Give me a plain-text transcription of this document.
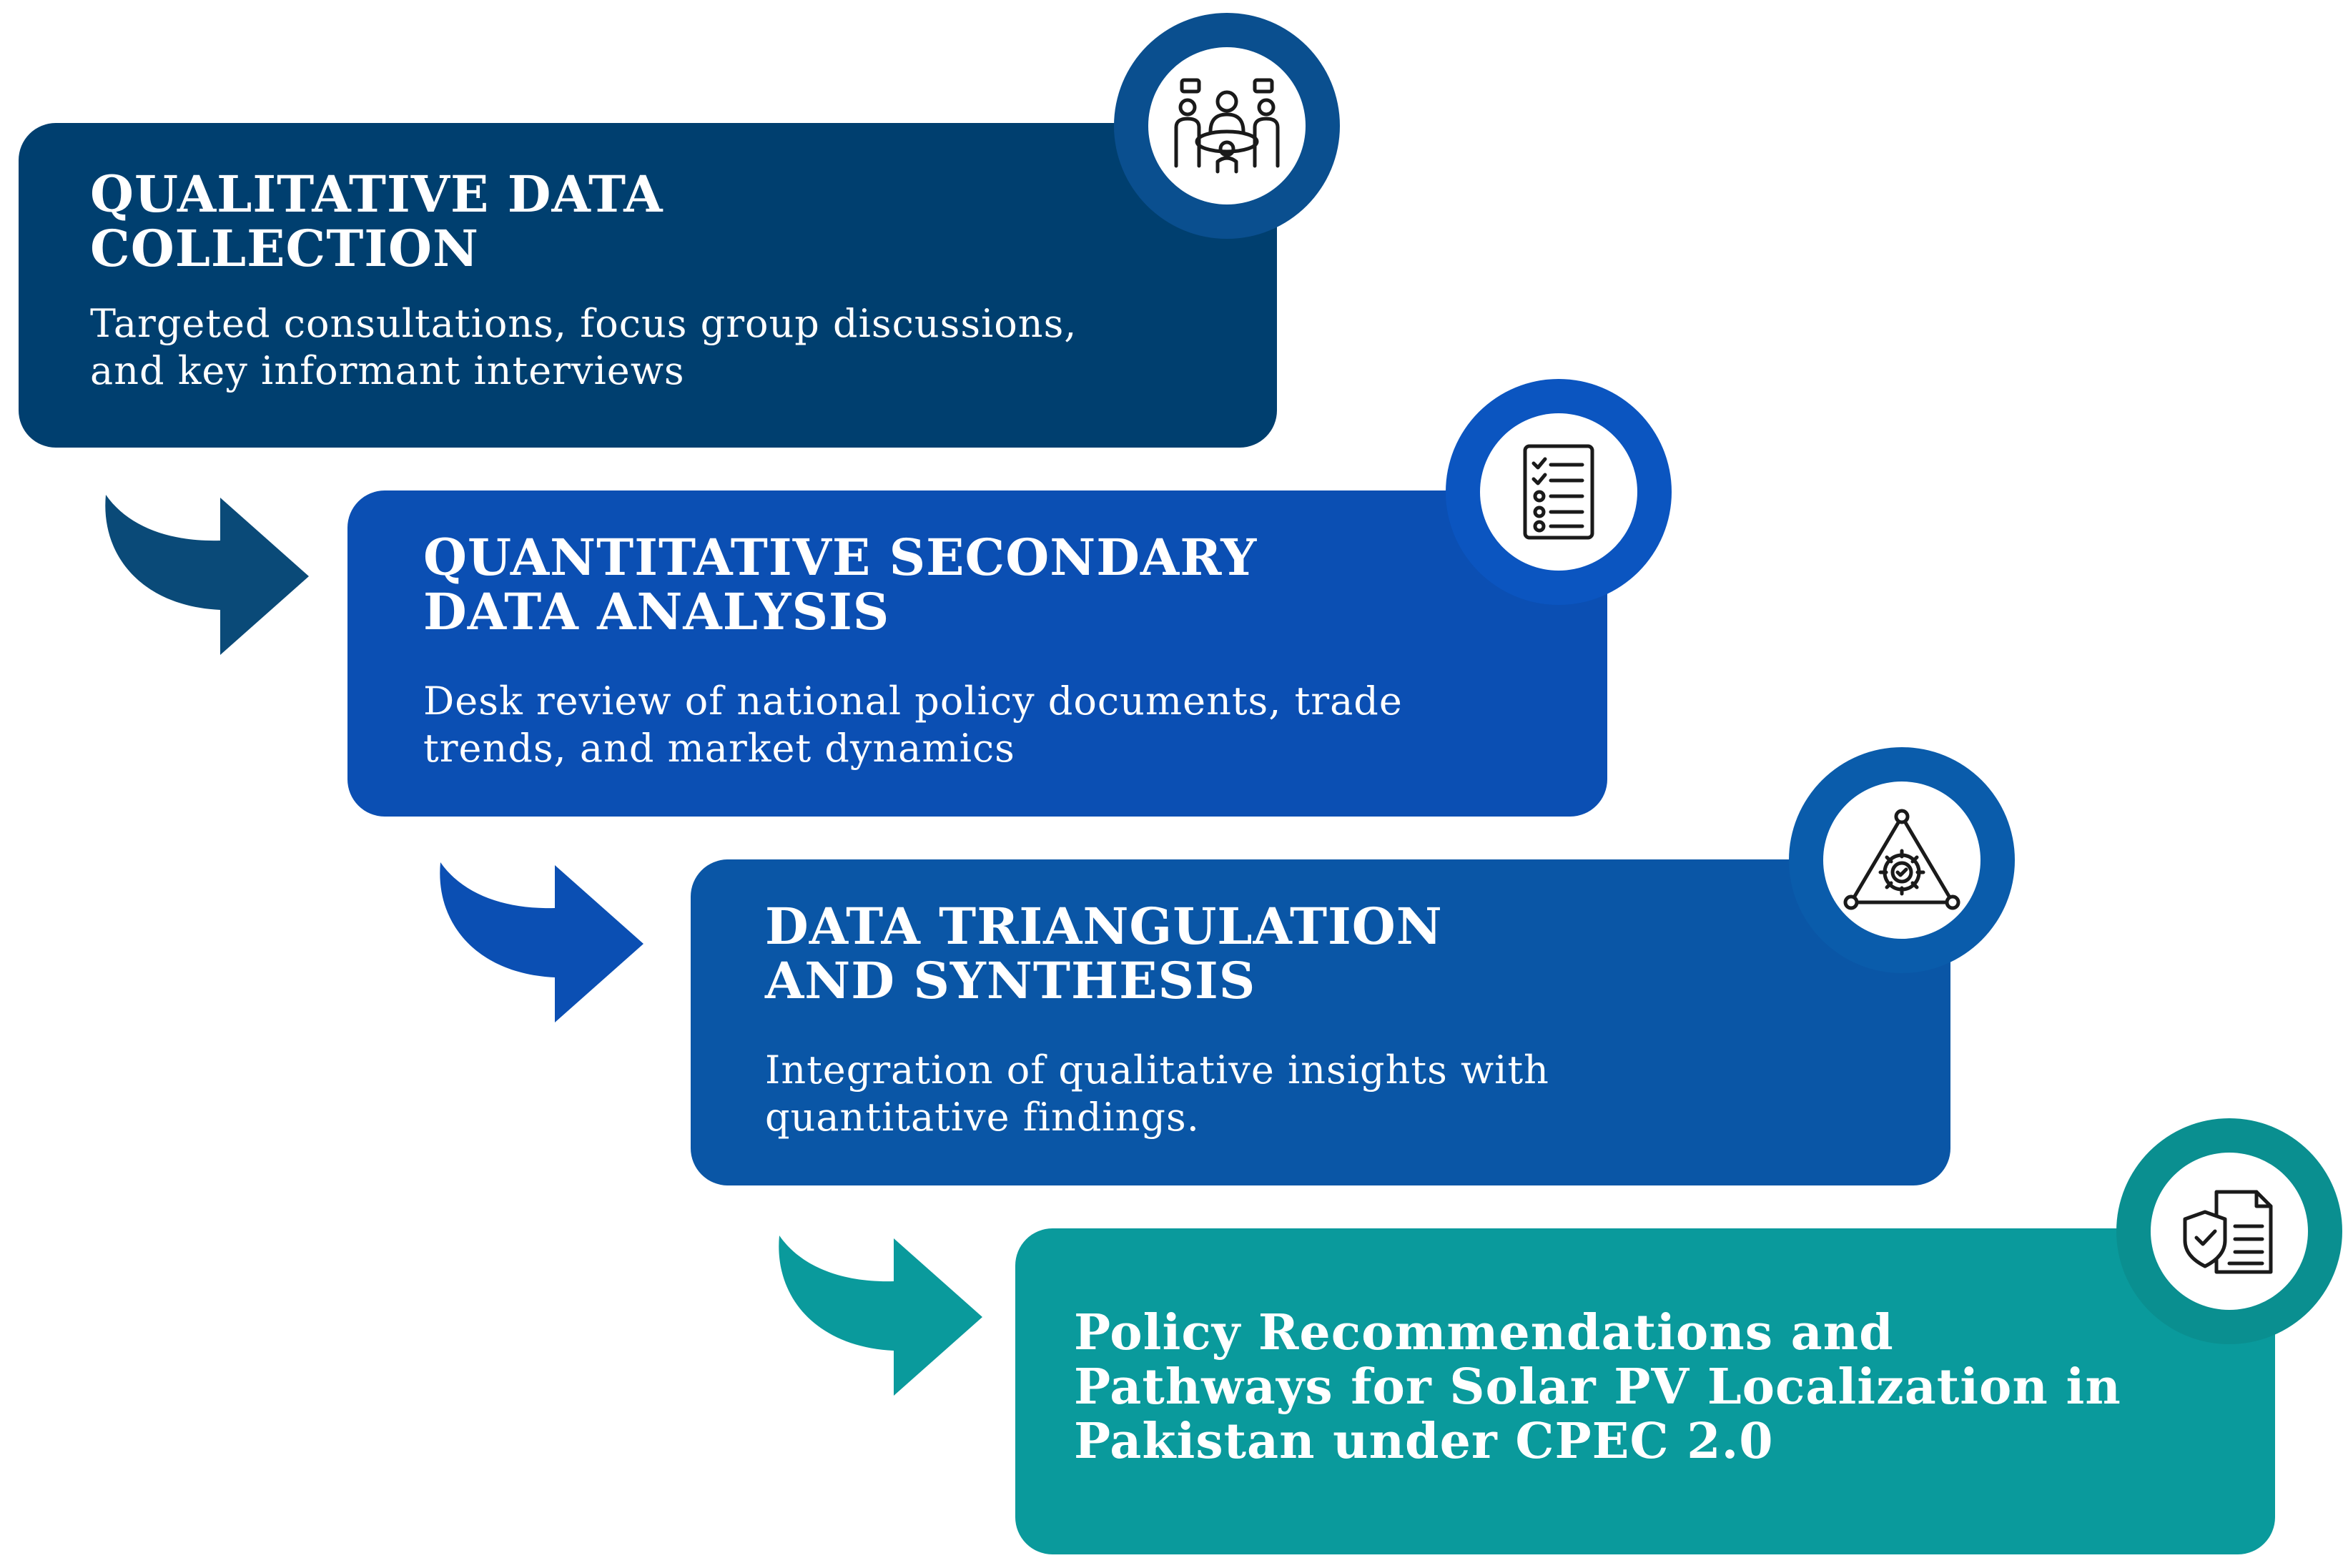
QUALITATIVE DATA
COLLECTION
Targeted consultations, focus group discussions,
and key informant interviews
QUANTITATIVE SECONDARY
DATA ANALYSIS
Desk review of national policy documents, trade
trends, and market dynamics
DATA TRIANGULATION
AND SYNTHESIS
Integration of qualitative insights with
quantitative findings.
Policy Recommendations and
Pathways for Solar PV Localization in
Pakistan under CPEC 2.0
